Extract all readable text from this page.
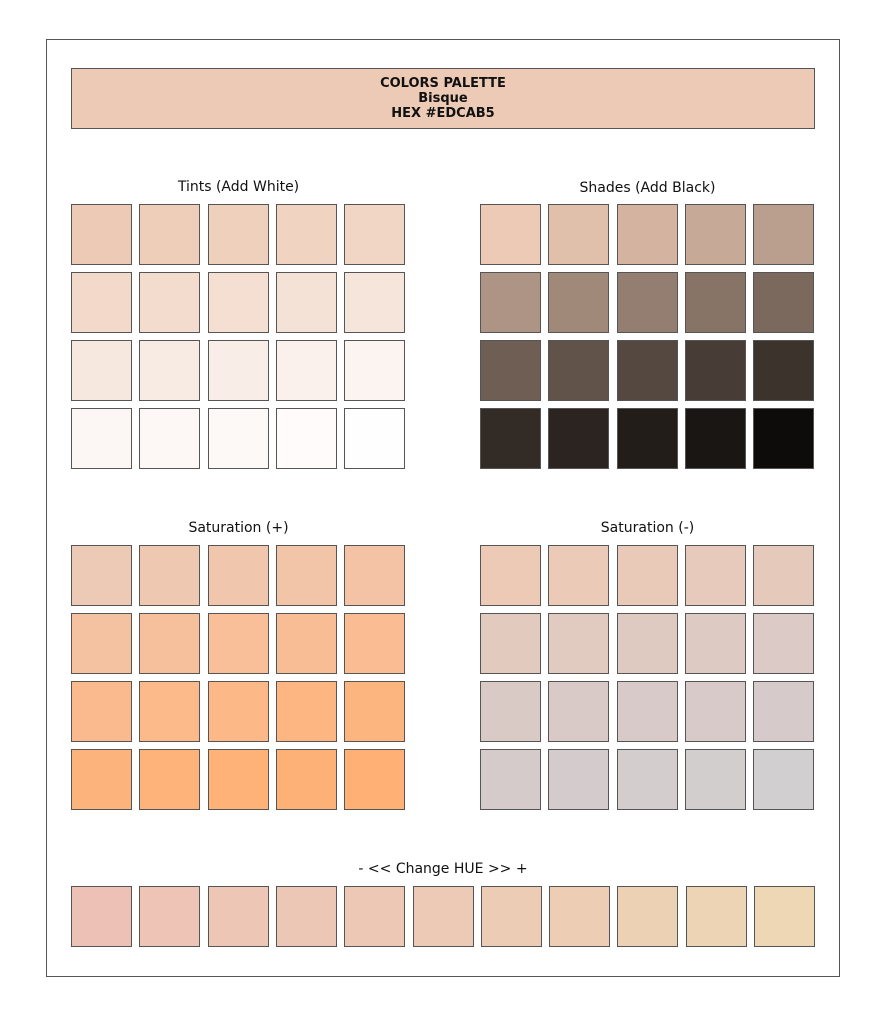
COLORS PALETTE
Bisque
HEX #EDCAB5
Tints (Add White)	Shades (Add Black)
Saturation (+)	Saturation (-)
- << Change HUE >> +
